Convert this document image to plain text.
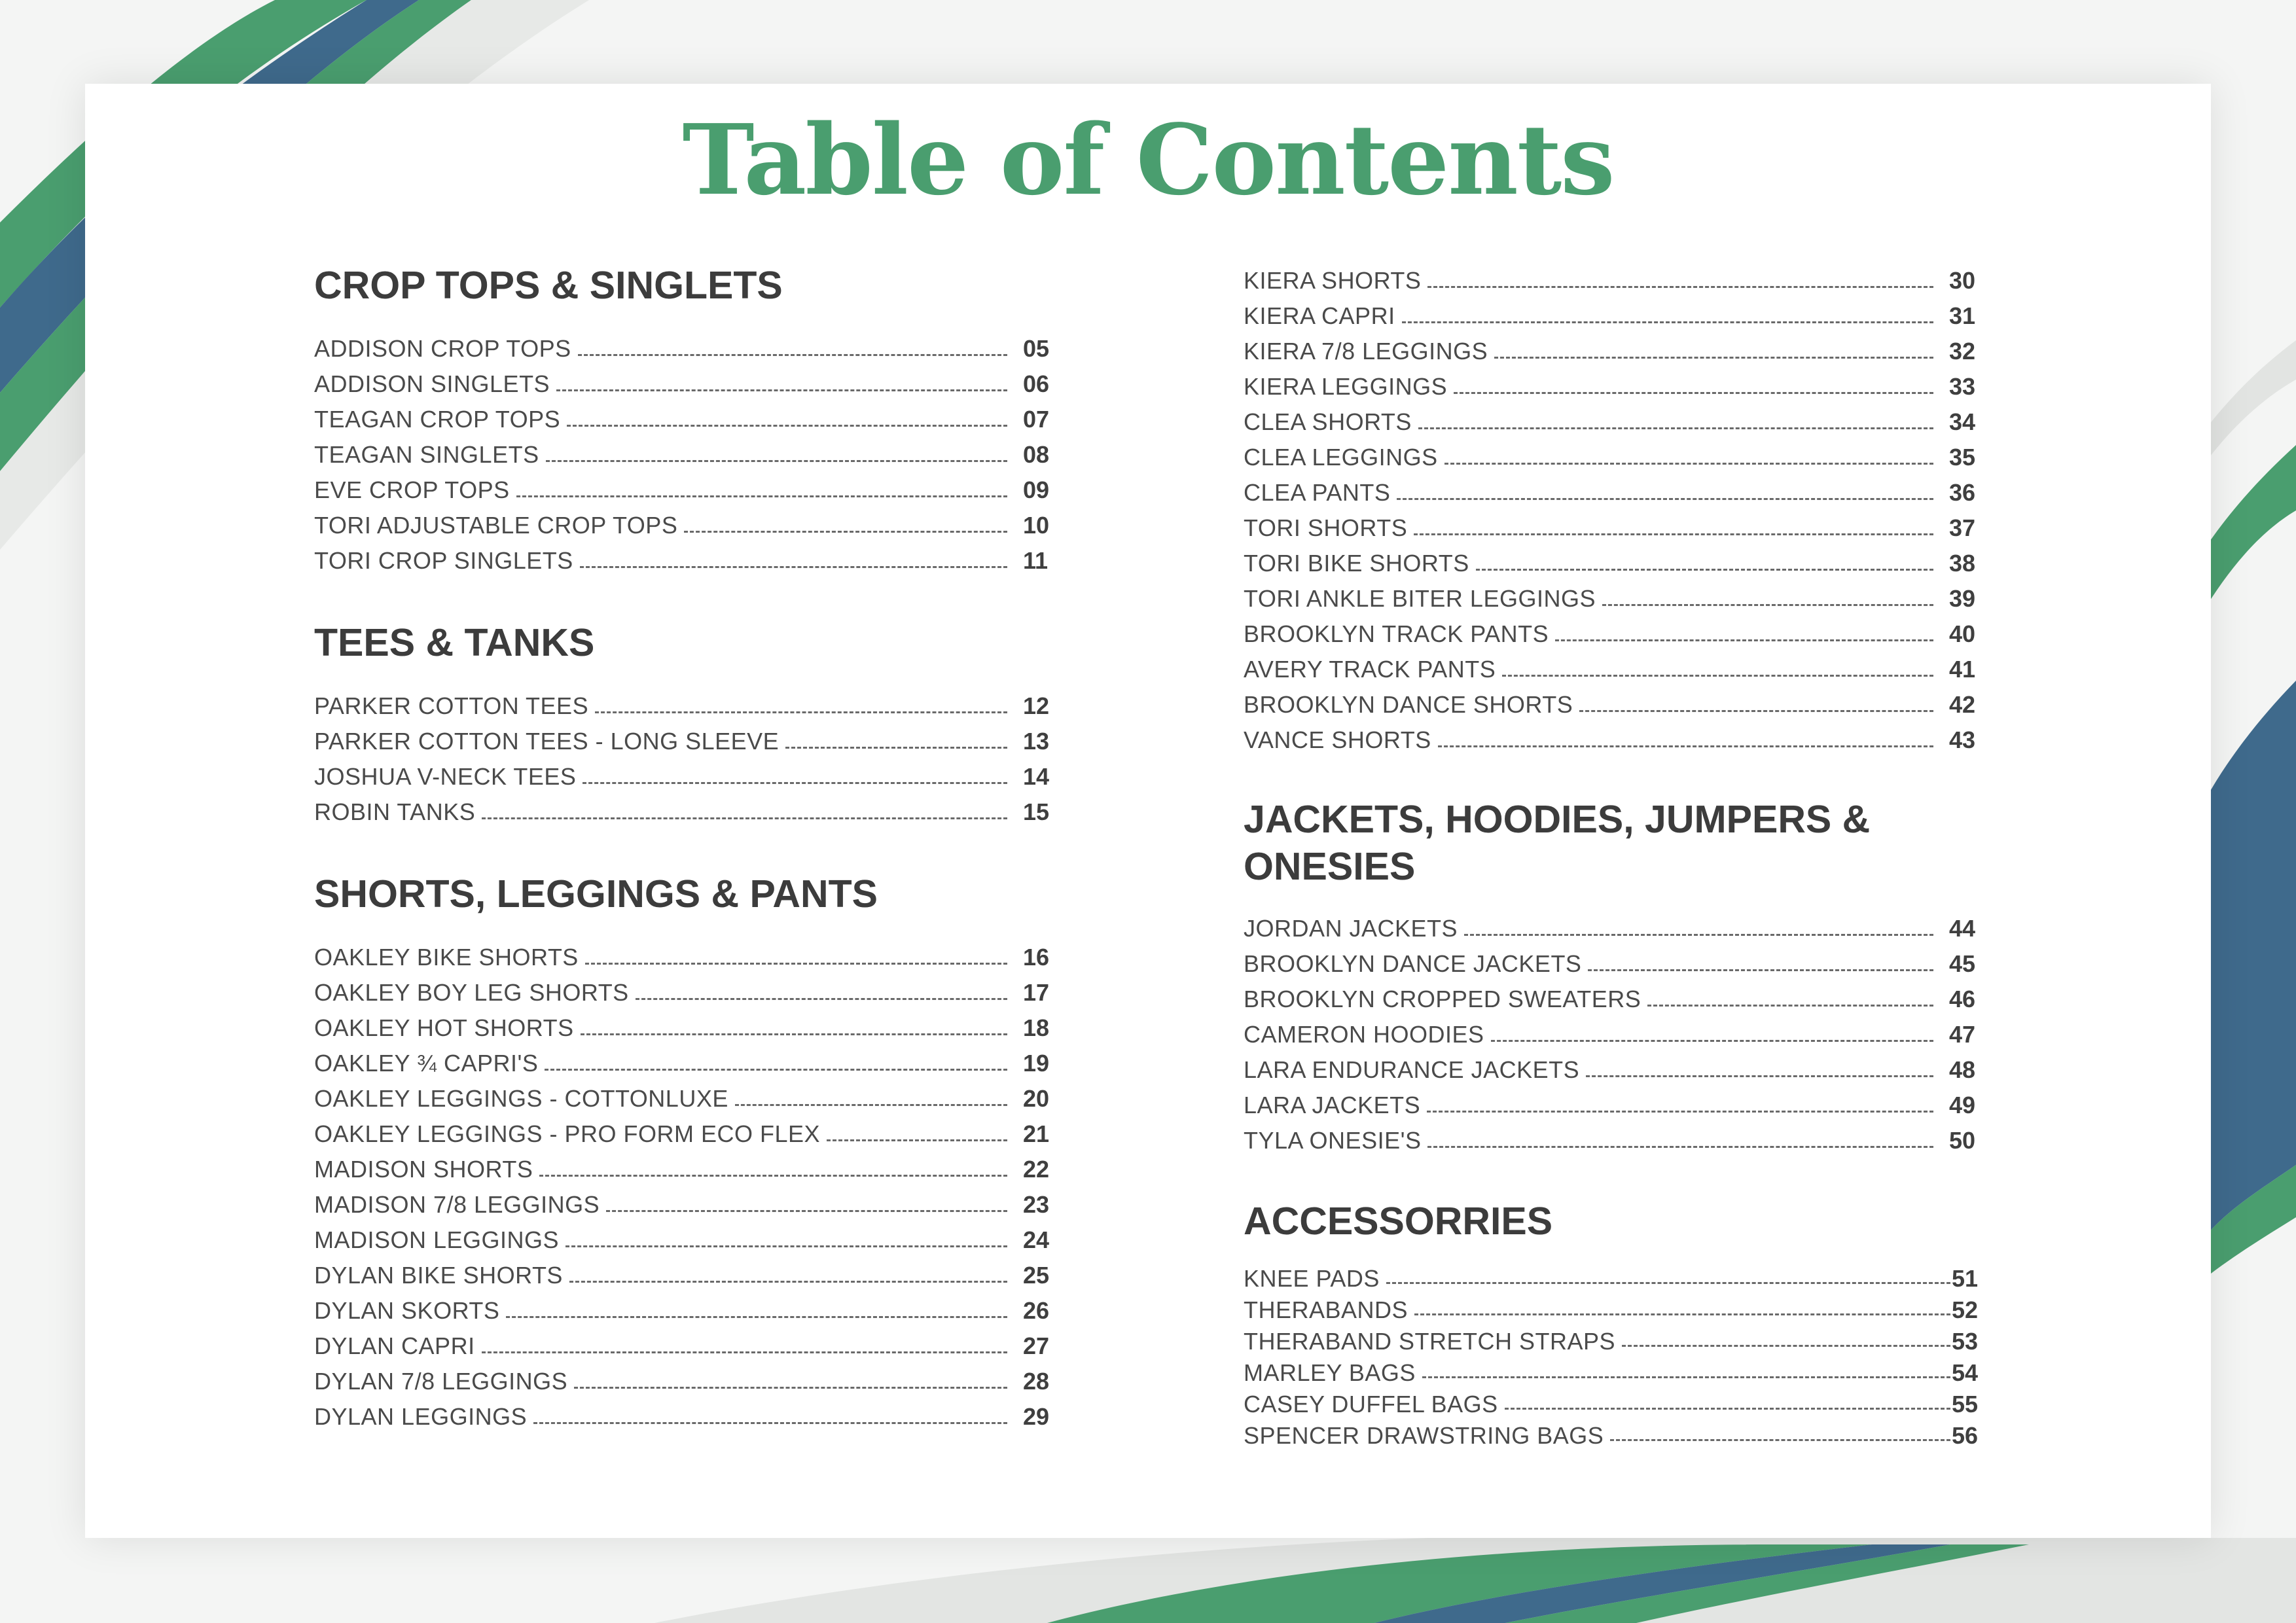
Table of Contents
CROP TOPS & SINGLETS
ADDISON CROP TOPS	05
ADDISON SINGLETS	06
TEAGAN CROP TOPS	07
TEAGAN SINGLETS	08
EVE CROP TOPS	09
TORI ADJUSTABLE CROP TOPS	10
TORI CROP SINGLETS	11
TEES & TANKS
PARKER COTTON TEES	12
PARKER COTTON TEES - LONG SLEEVE	13
JOSHUA V-NECK TEES	14
ROBIN TANKS	15
SHORTS, LEGGINGS & PANTS
OAKLEY BIKE SHORTS	16
OAKLEY BOY LEG SHORTS	17
OAKLEY HOT SHORTS	18
OAKLEY ¾ CAPRI'S	19
OAKLEY LEGGINGS - COTTONLUXE	20
OAKLEY LEGGINGS - PRO FORM ECO FLEX	21
MADISON SHORTS	22
MADISON 7/8 LEGGINGS	23
MADISON LEGGINGS	24
DYLAN BIKE SHORTS	25
DYLAN SKORTS	26
DYLAN CAPRI	27
DYLAN 7/8 LEGGINGS	28
DYLAN LEGGINGS	29
KIERA SHORTS	30
KIERA CAPRI	31
KIERA 7/8 LEGGINGS	32
KIERA LEGGINGS	33
CLEA SHORTS	34
CLEA LEGGINGS	35
CLEA PANTS	36
TORI SHORTS	37
TORI BIKE SHORTS	38
TORI ANKLE BITER LEGGINGS	39
BROOKLYN TRACK PANTS	40
AVERY TRACK PANTS	41
BROOKLYN DANCE SHORTS	42
VANCE SHORTS	43
JACKETS, HOODIES, JUMPERS & ONESIES
JORDAN JACKETS	44
BROOKLYN DANCE JACKETS	45
BROOKLYN CROPPED SWEATERS	46
CAMERON HOODIES	47
LARA ENDURANCE JACKETS	48
LARA JACKETS	49
TYLA ONESIE'S	50
ACCESSORRIES
KNEE PADS	51
THERABANDS	52
THERABAND STRETCH STRAPS	53
MARLEY BAGS	54
CASEY DUFFEL BAGS	55
SPENCER DRAWSTRING BAGS	56
